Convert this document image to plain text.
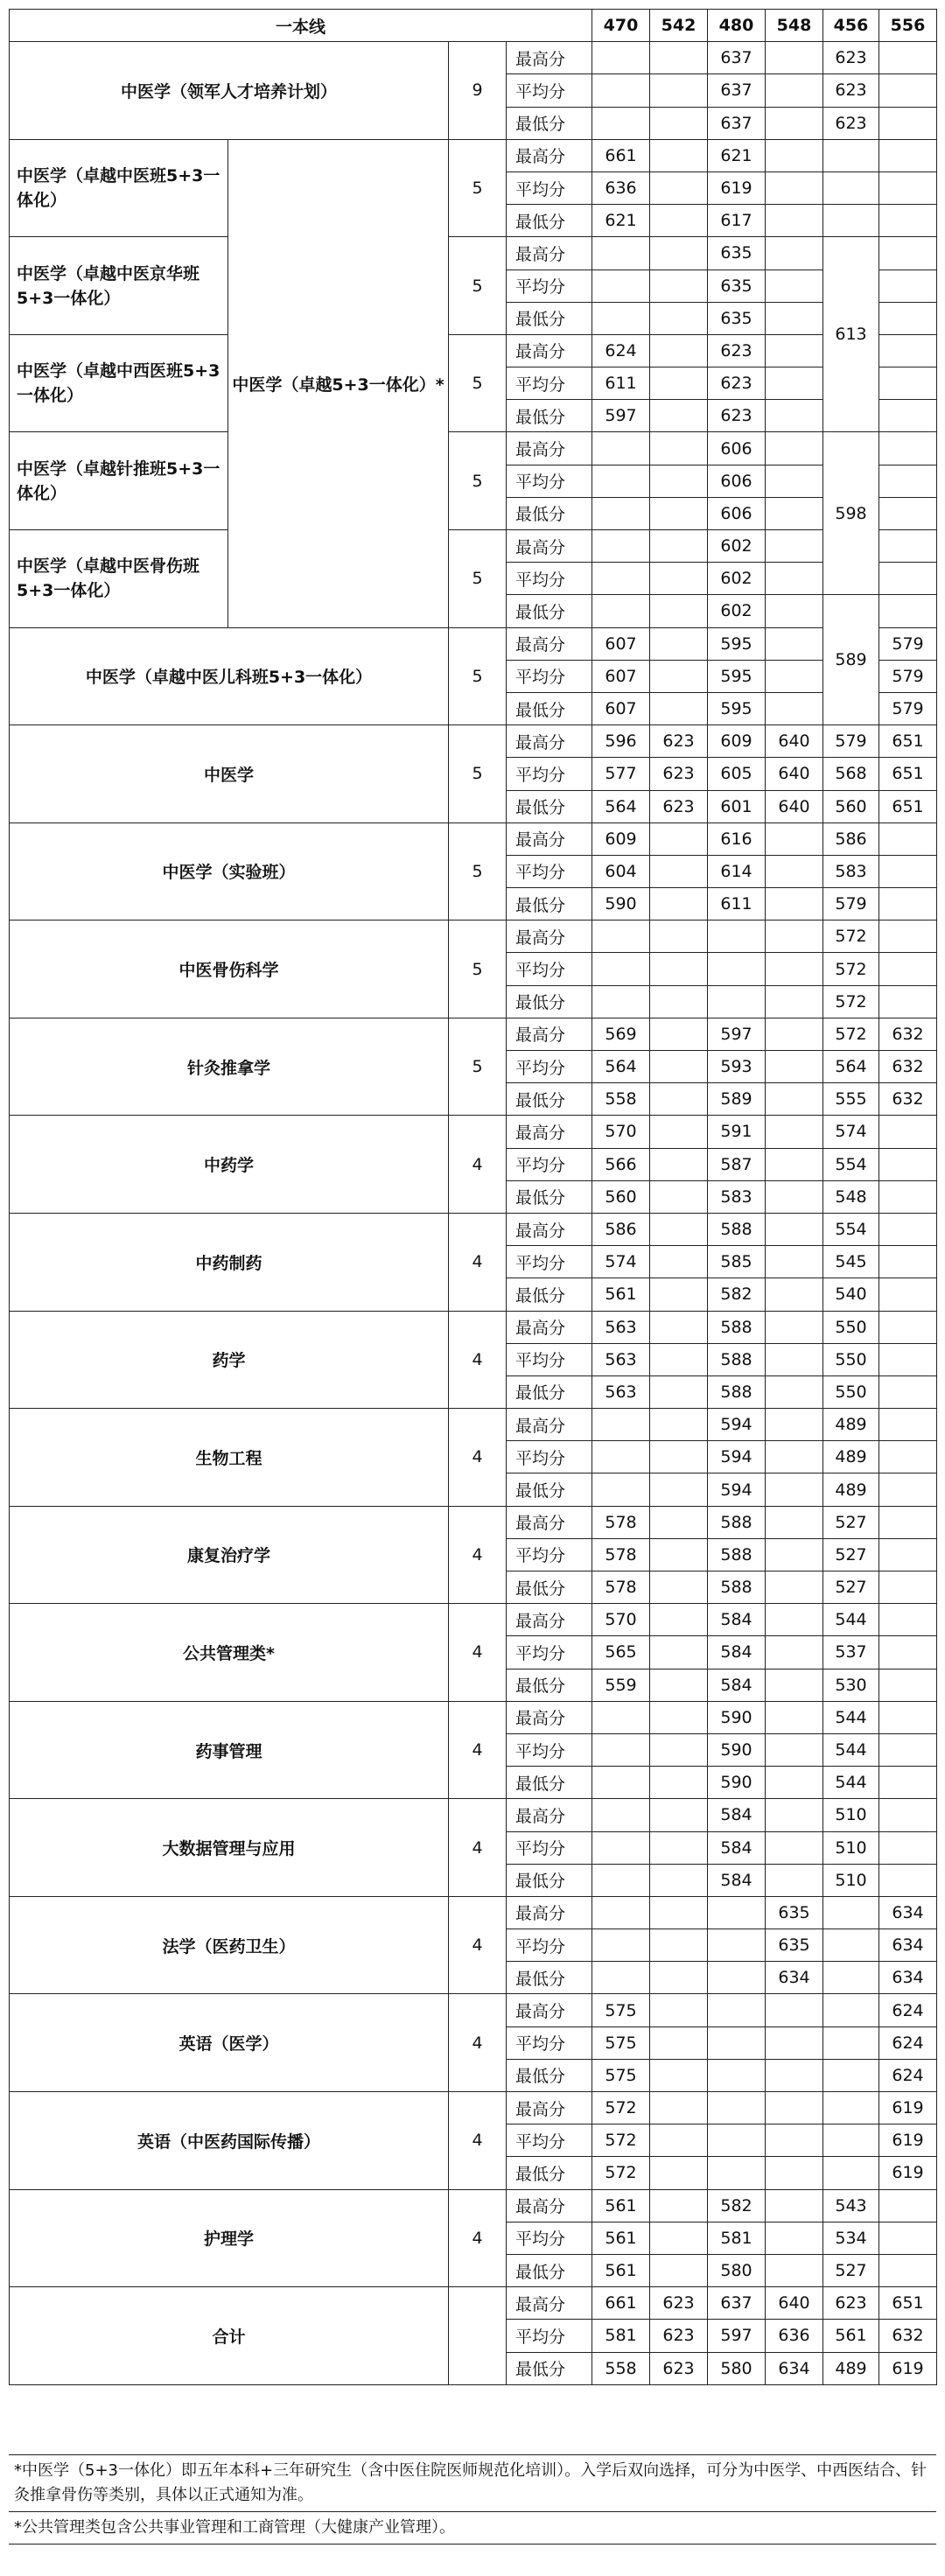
一本线				470	542	480	548	456	556	
中医学（领军人才培养计划）		9	最高分			637		623		
			平均分			637		623		
			最低分			637		623		
中医学（卓越中医班5+3一体化）	中医学（卓越5+3一体化）*	5	最高分	661		621				
			平均分	636		619				
			最低分	621		617				
中医学（卓越中医京华班5+3一体化）		5	最高分			635		613		
			平均分			635				
			最低分			635				
中医学（卓越中西医班5+3一体化）		5	最高分	624		623				
			平均分	611		623				
			最低分	597		623				
中医学（卓越针推班5+3一体化）		5	最高分			606		598		
			平均分			606				
			最低分			606				
中医学（卓越中医骨伤班5+3一体化）		5	最高分			602				
			平均分			602				
			最低分			602		589		
中医学（卓越中医儿科班5+3一体化）		5	最高分	607		595			579	
			平均分	607		595			579	
			最低分	607		595			579	
中医学		5	最高分	596	623	609	640	579	651	
			平均分	577	623	605	640	568	651	
			最低分	564	623	601	640	560	651	
中医学（实验班）		5	最高分	609		616		586		
			平均分	604		614		583		
			最低分	590		611		579		
中医骨伤科学		5	最高分					572		
			平均分					572		
			最低分					572		
针灸推拿学		5	最高分	569		597		572	632	
			平均分	564		593		564	632	
			最低分	558		589		555	632	
中药学		4	最高分	570		591		574		
			平均分	566		587		554		
			最低分	560		583		548		
中药制药		4	最高分	586		588		554		
			平均分	574		585		545		
			最低分	561		582		540		
药学		4	最高分	563		588		550		
			平均分	563		588		550		
			最低分	563		588		550		
生物工程		4	最高分			594		489		
			平均分			594		489		
			最低分			594		489		
康复治疗学		4	最高分	578		588		527		
			平均分	578		588		527		
			最低分	578		588		527		
公共管理类*		4	最高分	570		584		544		
			平均分	565		584		537		
			最低分	559		584		530		
药事管理		4	最高分			590		544		
			平均分			590		544		
			最低分			590		544		
大数据管理与应用		4	最高分			584		510		
			平均分			584		510		
			最低分			584		510		
法学（医药卫生）		4	最高分				635		634	
			平均分				635		634	
			最低分				634		634	
英语（医学）		4	最高分	575					624	
			平均分	575					624	
			最低分	575					624	
英语（中医药国际传播）		4	最高分	572					619	
			平均分	572					619	
			最低分	572					619	
护理学		4	最高分	561		582		543		
			平均分	561		581		534		
			最低分	561		580		527		
合计			最高分	661	623	637	640	623	651	
			平均分	581	623	597	636	561	632	
			最低分	558	623	580	634	489	619	
*中医学（5+3一体化）即五年本科+三年研究生（含中医住院医师规范化培训）。入学后双向选择，可分为中医学、中西医结合、针灸推拿骨伤等类别，具体以正式通知为准。
*公共管理类包含公共事业管理和工商管理（大健康产业管理）。
